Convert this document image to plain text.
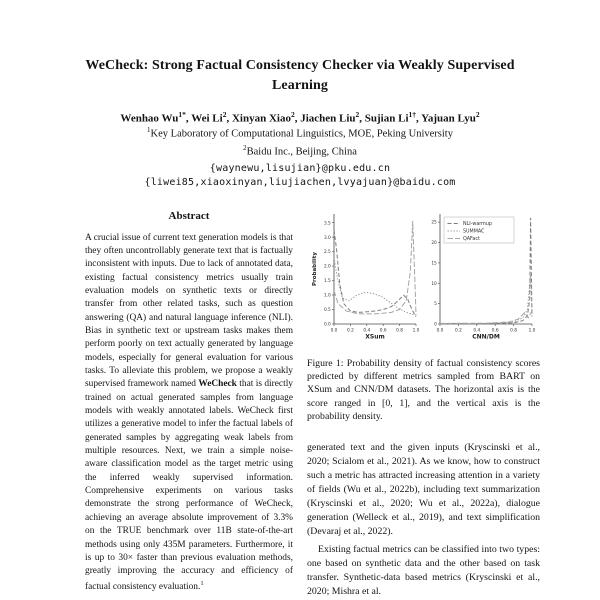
WeCheck: Strong Factual Consistency Checker via Weakly Supervised Learning
Wenhao $Wu^{1*}$, Wei Li$^2$, Xinyan Xiao$^2$, Jiachen Liu$^2$, Sujian $Li^{1\dagger}$, Yajuan Lyu$^2$
$^1$Key Laboratory of Computational Linguistics, MOE, Peking University
$^2$Baidu Inc., Beijing, China
{waynewu,lisujian}@pku.edu.cn
{liwei85,xiaoxinyan,liujiachen,lvyajuan}@baidu.com
Abstract
A crucial issue of current text generation models is that they often uncontrollably generate text that is factually inconsistent with inputs. Due to lack of annotated data, existing factual consistency metrics usually train evaluation models on synthetic texts or directly transfer from other related tasks, such as question answering (QA) and natural language inference (NLI). Bias in synthetic text or upstream tasks makes them perform poorly on text actually generated by language models, especially for general evaluation for various tasks. To alleviate this problem, we propose a weakly supervised framework named WeCheck that is directly trained on actual generated samples from language models with weakly annotated labels. WeCheck first utilizes a generative model to infer the factual labels of generated samples by aggregating weak labels from multiple resources. Next, we train a simple noise-aware classification model as the target metric using the inferred weakly supervised information. Comprehensive experiments on various tasks demonstrate the strong performance of WeCheck, achieving an average absolute improvement of 3.3% on the TRUE benchmark over 11B state-of-the-art methods using only 435M parameters. Furthermore, it is up to 30× faster than previous evaluation methods, greatly improving the accuracy and efficiency of factual consistency evaluation.$^1$
0.0
0.5
1.0
1.5
2.0
2.5
3.0
3.5
0.0 0.2 0.4 0.6 0.8 1.0
XSum
Probability
0
5
10
15
20
25
0.0	0.2	0.4	0.6	0.8	1.0
CNN/DM
NLI-warmup
SUMMAC
QAFact
Figure 1: Probability density of factual consistency scores predicted by different metrics sampled from BART on XSum and CNN/DM datasets. The horizontal axis is the score ranged in [0, 1], and the vertical axis is the probability density.
generated text and the given inputs (Kryscinski et al., 2020; Scialom et al., 2021). As we know, how to construct such a metric has attracted increasing attention in a variety of fields (Wu et al., 2022b), including text summarization (Kryscinski et al., 2020; Wu et al., 2022a), dialogue generation (Welleck et al., 2019), and text simplification (Devaraj et al., 2022).
Existing factual metrics can be classified into two types: one based on synthetic data and the other based on task transfer. Synthetic-data based metrics (Kryscinski et al., 2020; Mishra et al.
